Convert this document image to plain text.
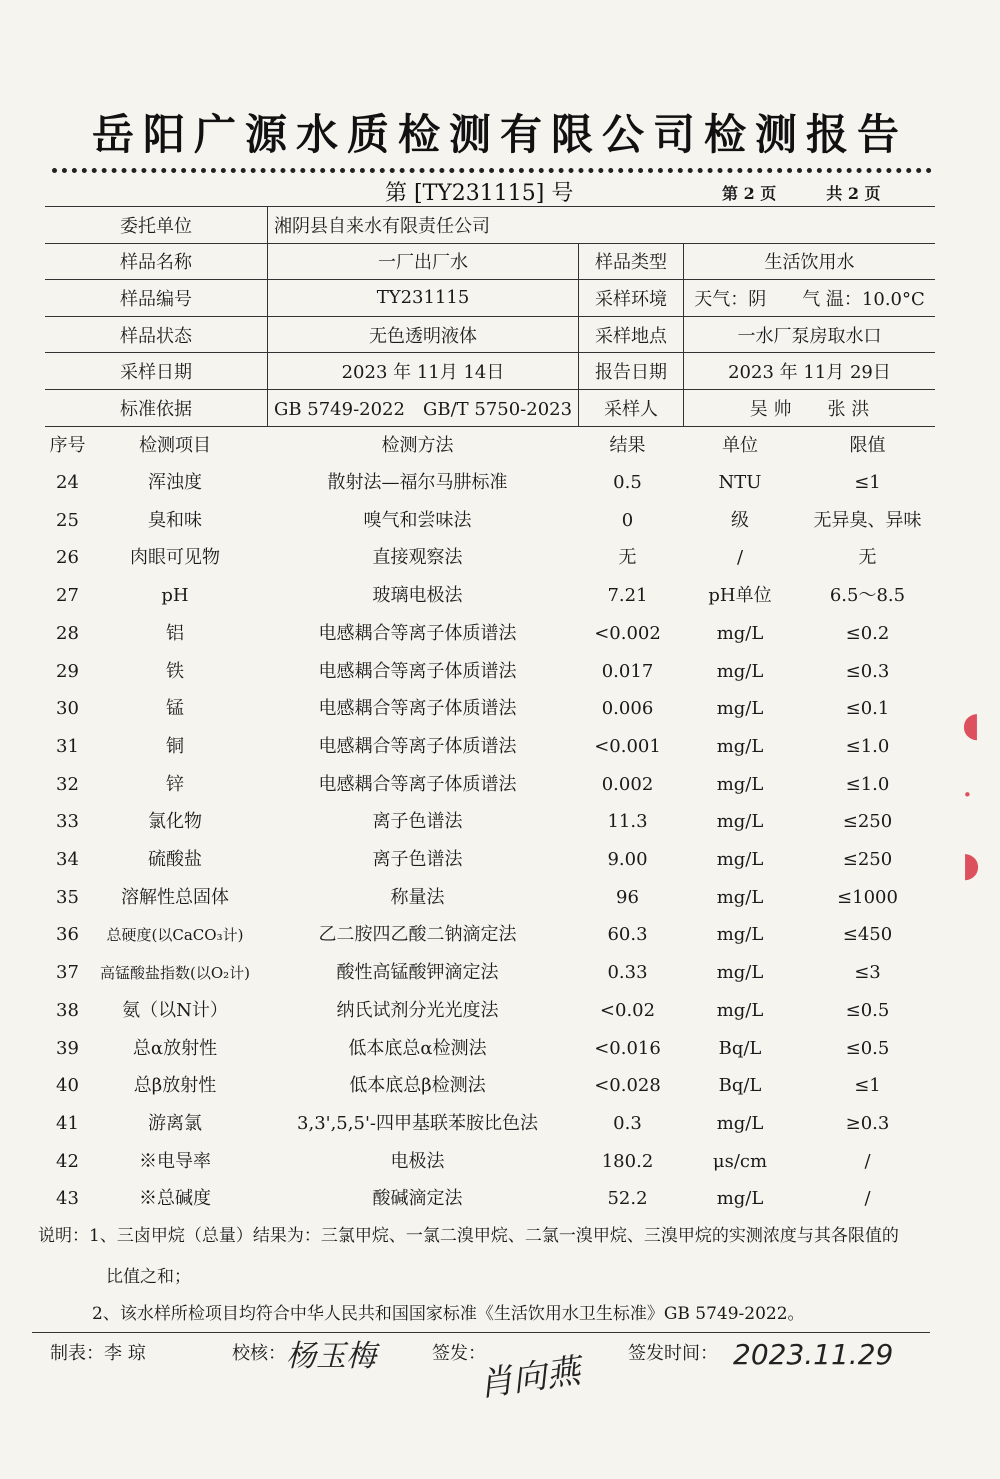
岳阳广源水质检测有限公司检测报告
第 [TY231115] 号	第 2 页	共 2 页
委托单位	湘阴县自来水有限责任公司		
样品名称	一厂出厂水	样品类型	生活饮用水
样品编号	TY231115	采样环境	天气：阴　　气 温：10.0°C
样品状态	无色透明液体	采样地点	一水厂泵房取水口
采样日期	2023 年 11月 14日	报告日期	2023 年 11月 29日
标准依据	GB 5749-2022　GB/T 5750-2023	采样人	吴 帅　　张 洪
序号	检测项目	检测方法	结果	单位	限值
24	浑浊度	散射法—福尔马肼标准	0.5	NTU	≤1
25	臭和味	嗅气和尝味法	0	级	无异臭、异味
26	肉眼可见物	直接观察法	无	/	无
27	pH	玻璃电极法	7.21	pH单位	6.5～8.5
28	铝	电感耦合等离子体质谱法	<0.002	mg/L	≤0.2
29	铁	电感耦合等离子体质谱法	0.017	mg/L	≤0.3
30	锰	电感耦合等离子体质谱法	0.006	mg/L	≤0.1
31	铜	电感耦合等离子体质谱法	<0.001	mg/L	≤1.0
32	锌	电感耦合等离子体质谱法	0.002	mg/L	≤1.0
33	氯化物	离子色谱法	11.3	mg/L	≤250
34	硫酸盐	离子色谱法	9.00	mg/L	≤250
35	溶解性总固体	称量法	96	mg/L	≤1000
36	总硬度(以CaCO₃计)	乙二胺四乙酸二钠滴定法	60.3	mg/L	≤450
37	高锰酸盐指数(以O₂计)	酸性高锰酸钾滴定法	0.33	mg/L	≤3
38	氨（以N计）	纳氏试剂分光光度法	<0.02	mg/L	≤0.5
39	总α放射性	低本底总α检测法	<0.016	Bq/L	≤0.5
40	总β放射性	低本底总β检测法	<0.028	Bq/L	≤1
41	游离氯	3,3',5,5'-四甲基联苯胺比色法	0.3	mg/L	≥0.3
42	※电导率	电极法	180.2	μs/cm	/
43	※总碱度	酸碱滴定法	52.2	mg/L	/
说明：1、三卤甲烷（总量）结果为：三氯甲烷、一氯二溴甲烷、二氯一溴甲烷、三溴甲烷的实测浓度与其各限值的
比值之和；
2、该水样所检项目均符合中华人民共和国国家标准《生活饮用水卫生标准》GB 5749-2022。
制表： 李 琼	校核： 杨玉梅	签发：
肖向燕	签发时间： 2023.11.29
◖
·
◗
